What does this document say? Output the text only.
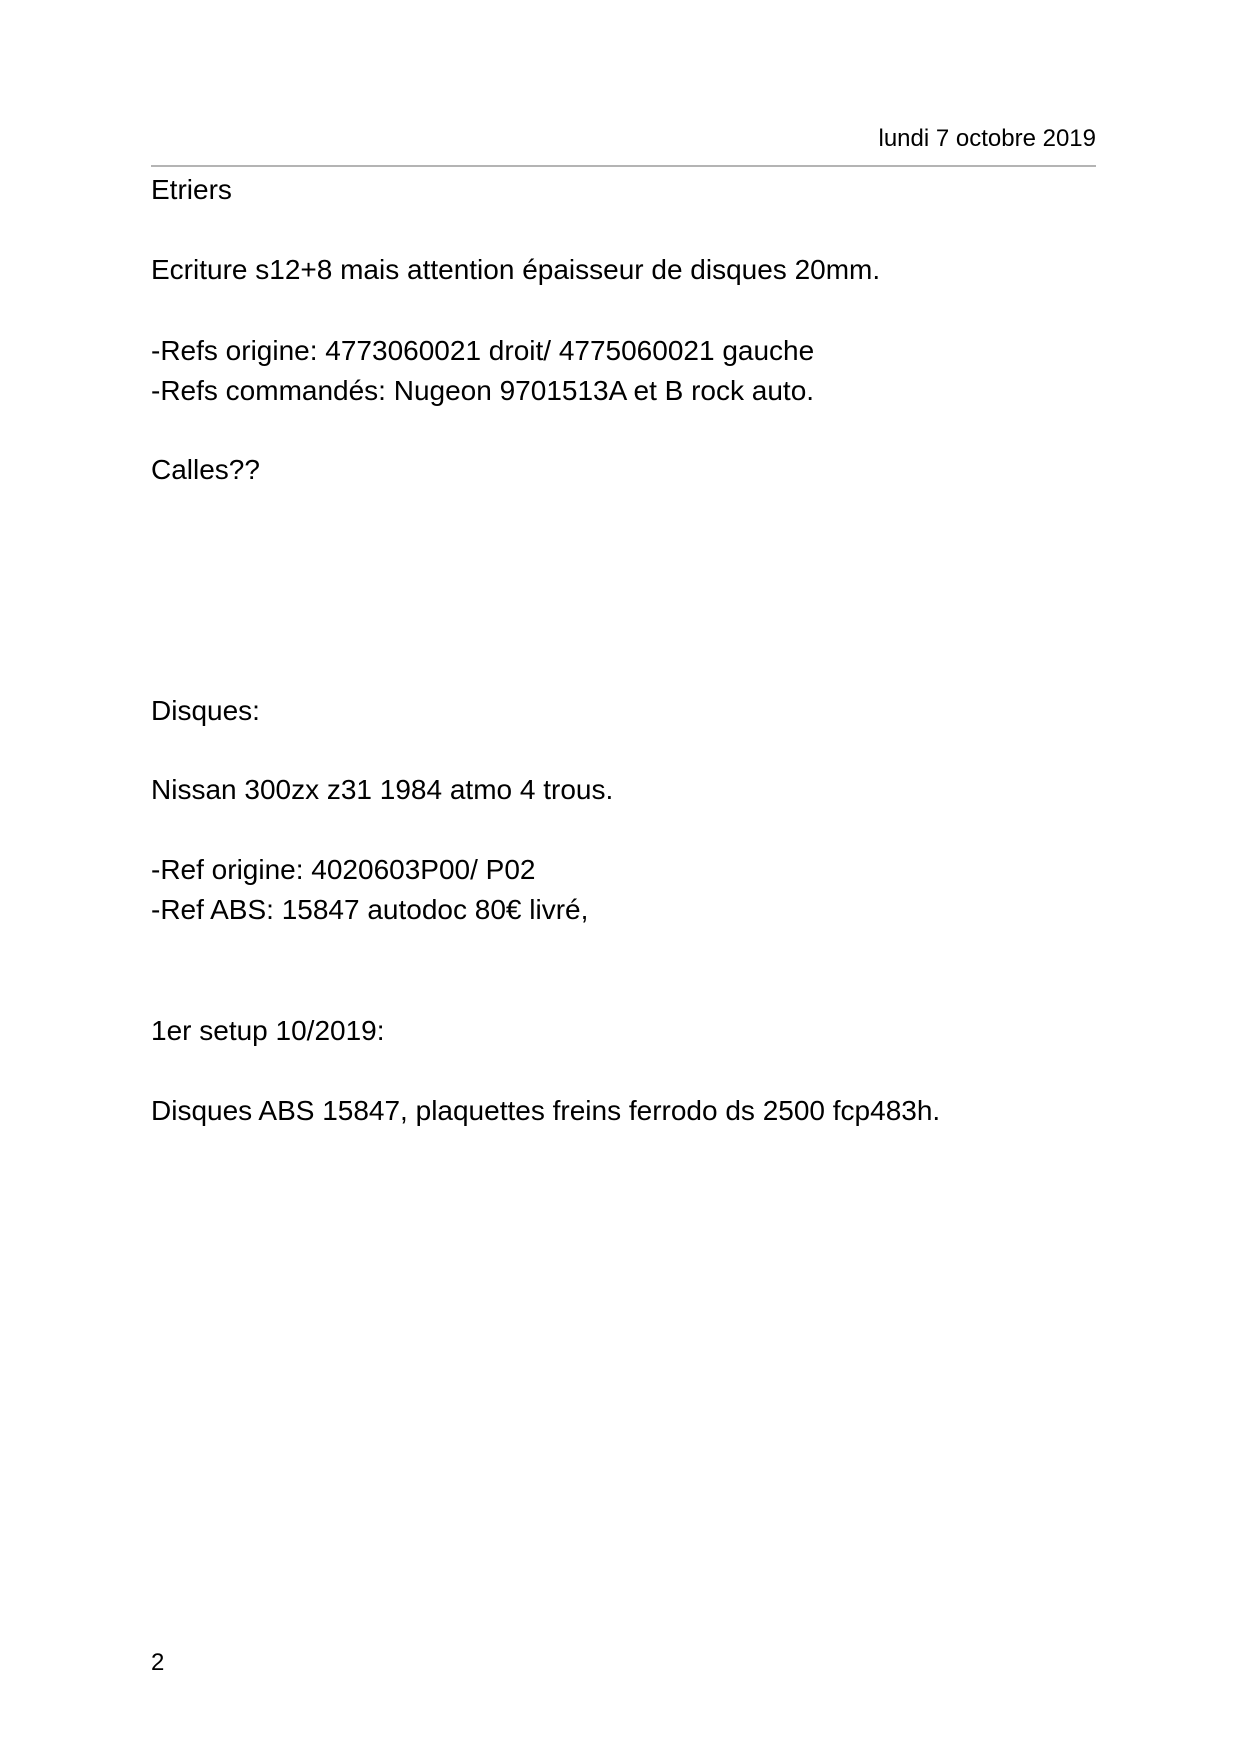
lundi 7 octobre 2019
Etriers
Ecriture s12+8 mais attention épaisseur de disques 20mm.
-Refs origine: 4773060021 droit/ 4775060021 gauche
-Refs commandés: Nugeon 9701513A et B rock auto.
Calles??
Disques:
Nissan 300zx z31 1984 atmo 4 trous.
-Ref origine: 4020603P00/ P02
-Ref ABS: 15847 autodoc 80€ livré,
1er setup 10/2019:
Disques ABS 15847, plaquettes freins ferrodo ds 2500 fcp483h.
2
